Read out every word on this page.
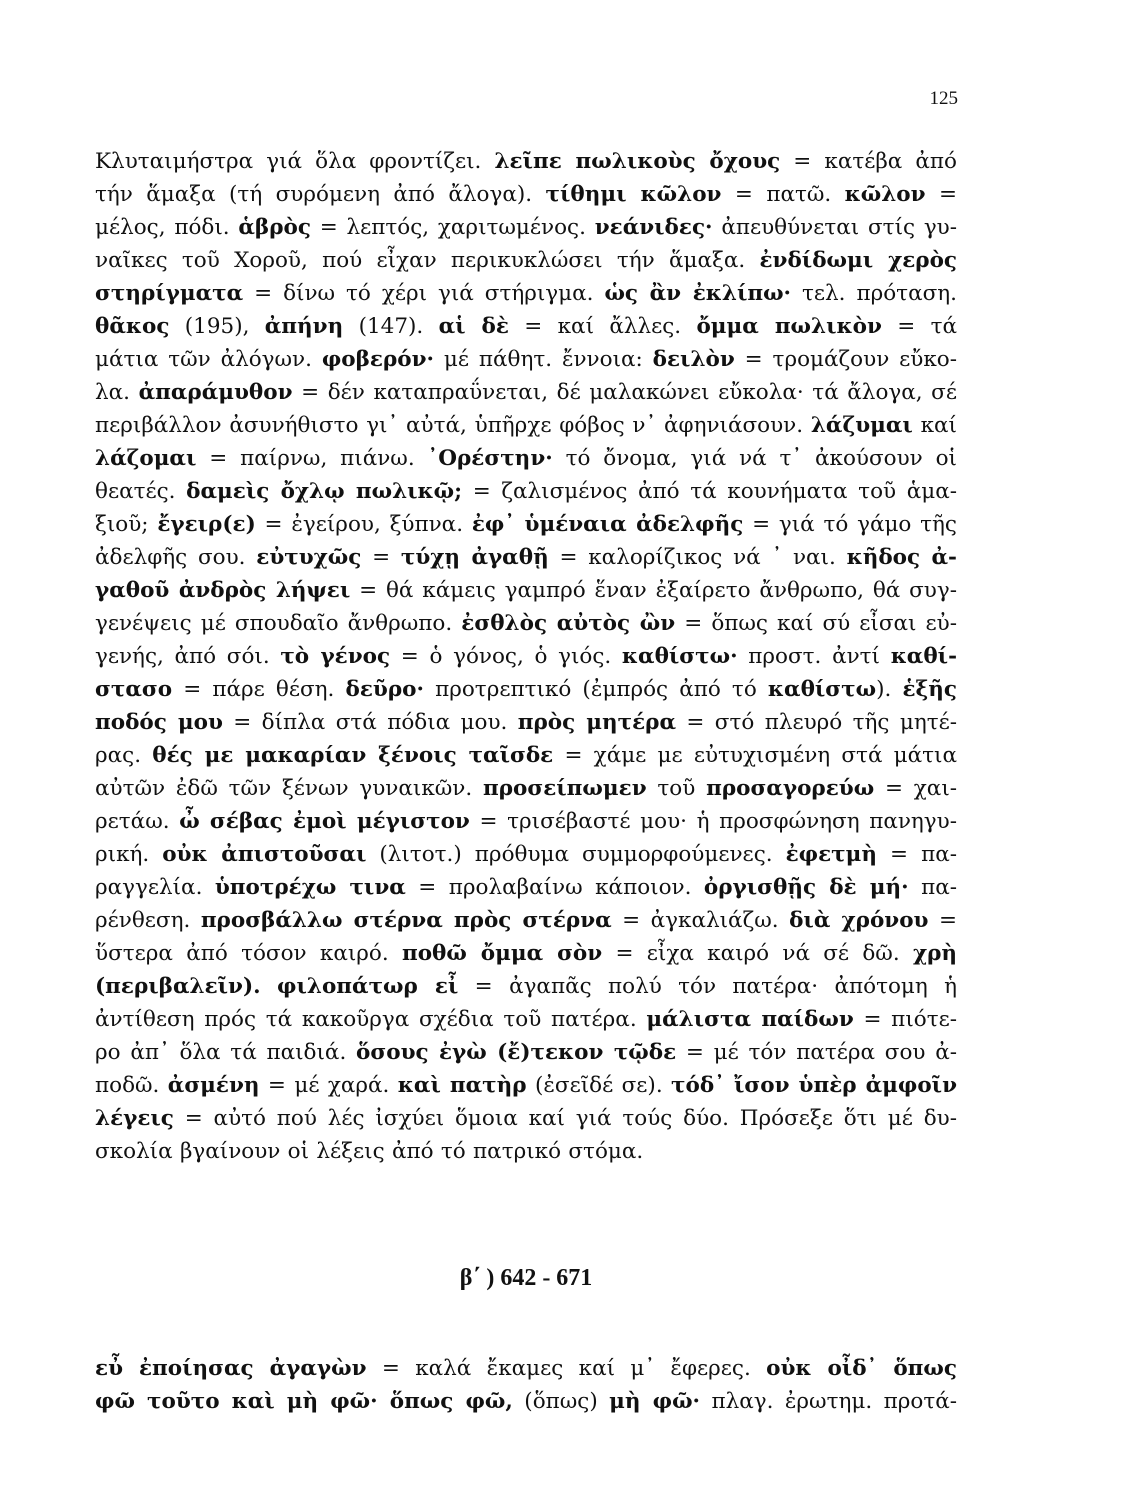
125
Κλυταιμήστρα γιά ὅλα φροντίζει. λεῖπε πωλικοὺς ὄχους = κατέβα ἀπό
τήν ἅμαξα (τή συρόμενη ἀπό ἄλογα). τίθημι κῶλον = πατῶ. κῶλον =
μέλος, πόδι. ἁβρὸς = λεπτός, χαριτωμένος. νεάνιδες· ἀπευθύνεται στίς γυ-
ναῖκες τοῦ Χοροῦ, πού εἶχαν περικυκλώσει τήν ἅμαξα. ἐνδίδωμι χερὸς
στηρίγματα = δίνω τό χέρι γιά στήριγμα. ὡς ἂν ἐκλίπω· τελ. πρόταση.
θᾶκος (195), ἀπήνη (147). αἱ δὲ = καί ἄλλες. ὄμμα πωλικὸν = τά
μάτια τῶν ἀλόγων. φοβερόν· μέ πάθητ. ἔννοια: δειλὸν = τρομάζουν εὔκο-
λα. ἀπαράμυθον = δέν καταπραΰνεται, δέ μαλακώνει εὔκολα· τά ἄλογα, σέ
περιβάλλον ἀσυνήθιστο γι᾽ αὐτά, ὑπῆρχε φόβος ν᾽ ἀφηνιάσουν. λάζυμαι καί
λάζομαι = παίρνω, πιάνω. ᾽Ορέστην· τό ὄνομα, γιά νά τ᾽ ἀκούσουν οἱ
θεατές. δαμεὶς ὄχλῳ πωλικῷ; = ζαλισμένος ἀπό τά κουνήματα τοῦ ἁμα-
ξιοῦ; ἔγειρ(ε) = ἐγείρου, ξύπνα. ἐφ᾽ ὑμέναια ἀδελφῆς = γιά τό γάμο τῆς
ἀδελφῆς σου. εὐτυχῶς = τύχῃ ἀγαθῇ = καλορίζικος νά ᾽ ναι. κῆδος ἀ-
γαθοῦ ἀνδρὸς λήψει = θά κάμεις γαμπρό ἕναν ἐξαίρετο ἄνθρωπο, θά συγ-
γενέψεις μέ σπουδαῖο ἄνθρωπο. ἐσθλὸς αὐτὸς ὢν = ὅπως καί σύ εἶσαι εὐ-
γενής, ἀπό σόι. τὸ γένος = ὁ γόνος, ὁ γιός. καθίστω· προστ. ἀντί καθί-
στασο = πάρε θέση. δεῦρο· προτρεπτικό (ἐμπρός ἀπό τό καθίστω). ἑξῆς
ποδός μου = δίπλα στά πόδια μου. πρὸς μητέρα = στό πλευρό τῆς μητέ-
ρας. θές με μακαρίαν ξένοις ταῖσδε = χάμε με εὐτυχισμένη στά μάτια
αὐτῶν ἐδῶ τῶν ξένων γυναικῶν. προσείπωμεν τοῦ προσαγορεύω = χαι-
ρετάω. ὦ σέβας ἐμοὶ μέγιστον = τρισέβαστέ μου· ἡ προσφώνηση πανηγυ-
ρική. οὐκ ἀπιστοῦσαι (λιτοτ.) πρόθυμα συμμορφούμενες. ἐφετμὴ = πα-
ραγγελία. ὑποτρέχω τινα = προλαβαίνω κάποιον. ὀργισθῇς δὲ μή· πα-
ρένθεση. προσβάλλω στέρνα πρὸς στέρνα = ἀγκαλιάζω. διὰ χρόνου =
ὕστερα ἀπό τόσον καιρό. ποθῶ ὄμμα σὸν = εἶχα καιρό νά σέ δῶ. χρὴ
(περιβαλεῖν). φιλοπάτωρ εἶ = ἀγαπᾶς πολύ τόν πατέρα· ἀπότομη ἡ
ἀντίθεση πρός τά κακοῦργα σχέδια τοῦ πατέρα. μάλιστα παίδων = πιότε-
ρο ἀπ᾽ ὅλα τά παιδιά. ὅσους ἐγὼ (ἔ)τεκον τῷδε = μέ τόν πατέρα σου ἀ-
ποδῶ. ἀσμένη = μέ χαρά. καὶ πατὴρ (ἐσεῖδέ σε). τόδ᾽ ἴσον ὑπὲρ ἀμφοῖν
λέγεις = αὐτό πού λές ἰσχύει ὅμοια καί γιά τούς δύο. Πρόσεξε ὅτι μέ δυ-
σκολία βγαίνουν οἱ λέξεις ἀπό τό πατρικό στόμα.
β΄ ) 642 - 671
εὖ ἐποίησας ἀγαγὼν = καλά ἔκαμες καί μ᾽ ἔφερες. οὐκ οἶδ᾽ ὅπως
φῶ τοῦτο καὶ μὴ φῶ· ὅπως φῶ, (ὅπως) μὴ φῶ· πλαγ. ἐρωτημ. προτά-
